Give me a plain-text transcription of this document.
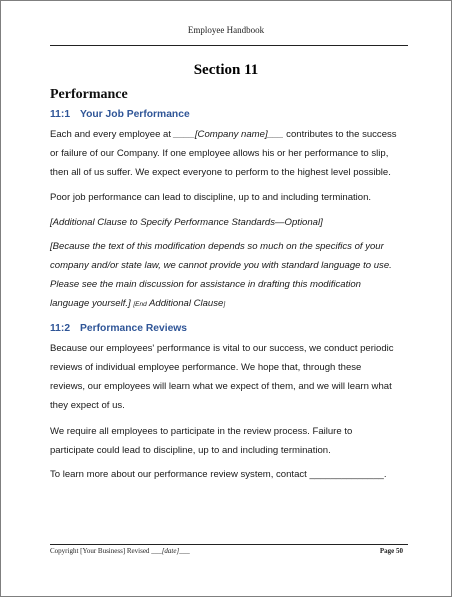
Employee Handbook
Section 11
Performance
11:1 Your Job Performance
Each and every employee at ____[Company name]___ contributes to the success
or failure of our Company. If one employee allows his or her performance to slip,
then all of us suffer. We expect everyone to perform to the highest level possible.
Poor job performance can lead to discipline, up to and including termination.
[Additional Clause to Specify Performance Standards—Optional]
[Because the text of this modification depends so much on the specifics of your
company and/or state law, we cannot provide you with standard language to use.
Please see the main discussion for assistance in drafting this modification
language yourself.] [End Additional Clause]
11:2 Performance Reviews
Because our employees' performance is vital to our success, we conduct periodic
reviews of individual employee performance. We hope that, through these
reviews, our employees will learn what we expect of them, and we will learn what
they expect of us.
We require all employees to participate in the review process. Failure to
participate could lead to discipline, up to and including termination.
To learn more about our performance review system, contact ______________.
Copyright [Your Business] Revised ___[date]___	Page 50
